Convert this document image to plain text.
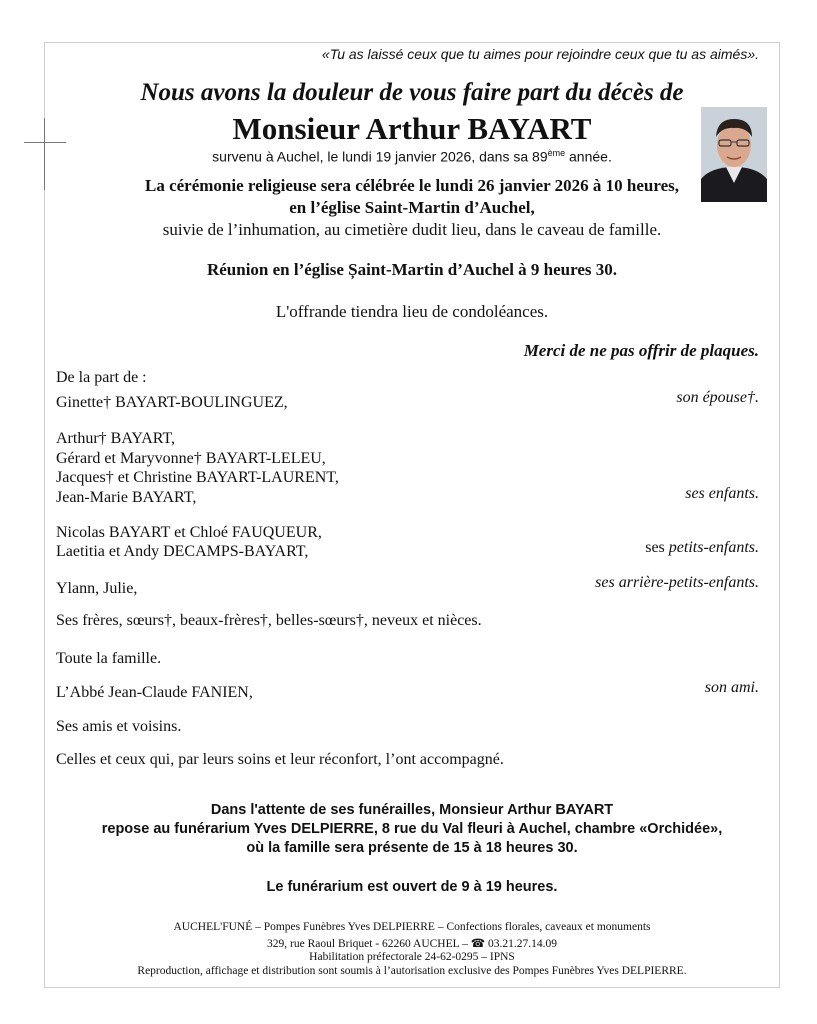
«Tu as laissé ceux que tu aimes pour rejoindre ceux que tu as aimés».
Nous avons la douleur de vous faire part du décès de
Monsieur Arthur BAYART
survenu à Auchel, le lundi 19 janvier 2026, dans sa 89ème année.
La cérémonie religieuse sera célébrée le lundi 26 janvier 2026 à 10 heures,
en l’église Saint-Martin d’Auchel,
suivie de l’inhumation, au cimetière dudit lieu, dans le caveau de famille.
Réunion en l’église Șaint-Martin d’Auchel à 9 heures 30.
L'offrande tiendra lieu de condoléances.
Merci de ne pas offrir de plaques.
De la part de :
Ginette† BAYART-BOULINGUEZ,	son épouse†.
Arthur† BAYART,
Gérard et Maryvonne† BAYART-LELEU,
Jacques† et Christine BAYART-LAURENT,
Jean-Marie BAYART,	ses enfants.
Nicolas BAYART et Chloé FAUQUEUR,
Laetitia et Andy DECAMPS-BAYART,	ses petits-enfants.
Ylann, Julie,	ses arrière-petits-enfants.
Ses frères, sœurs†, beaux-frères†, belles-sœurs†, neveux et nièces.
Toute la famille.
L’Abbé Jean-Claude FANIEN,	son ami.
Ses amis et voisins.
Celles et ceux qui, par leurs soins et leur réconfort, l’ont accompagné.
Dans l'attente de ses funérailles, Monsieur Arthur BAYART
repose au funérarium Yves DELPIERRE, 8 rue du Val fleuri à Auchel, chambre «Orchidée»,
où la famille sera présente de 15 à 18 heures 30.
Le funérarium est ouvert de 9 à 19 heures.
AUCHEL'FUNÉ – Pompes Funèbres Yves DELPIERRE – Confections florales, caveaux et monuments
329, rue Raoul Briquet - 62260 AUCHEL – ☎ 03.21.27.14.09
Habilitation préfectorale 24-62-0295 – IPNS
Reproduction, affichage et distribution sont soumis à l’autorisation exclusive des Pompes Funèbres Yves DELPIERRE.
